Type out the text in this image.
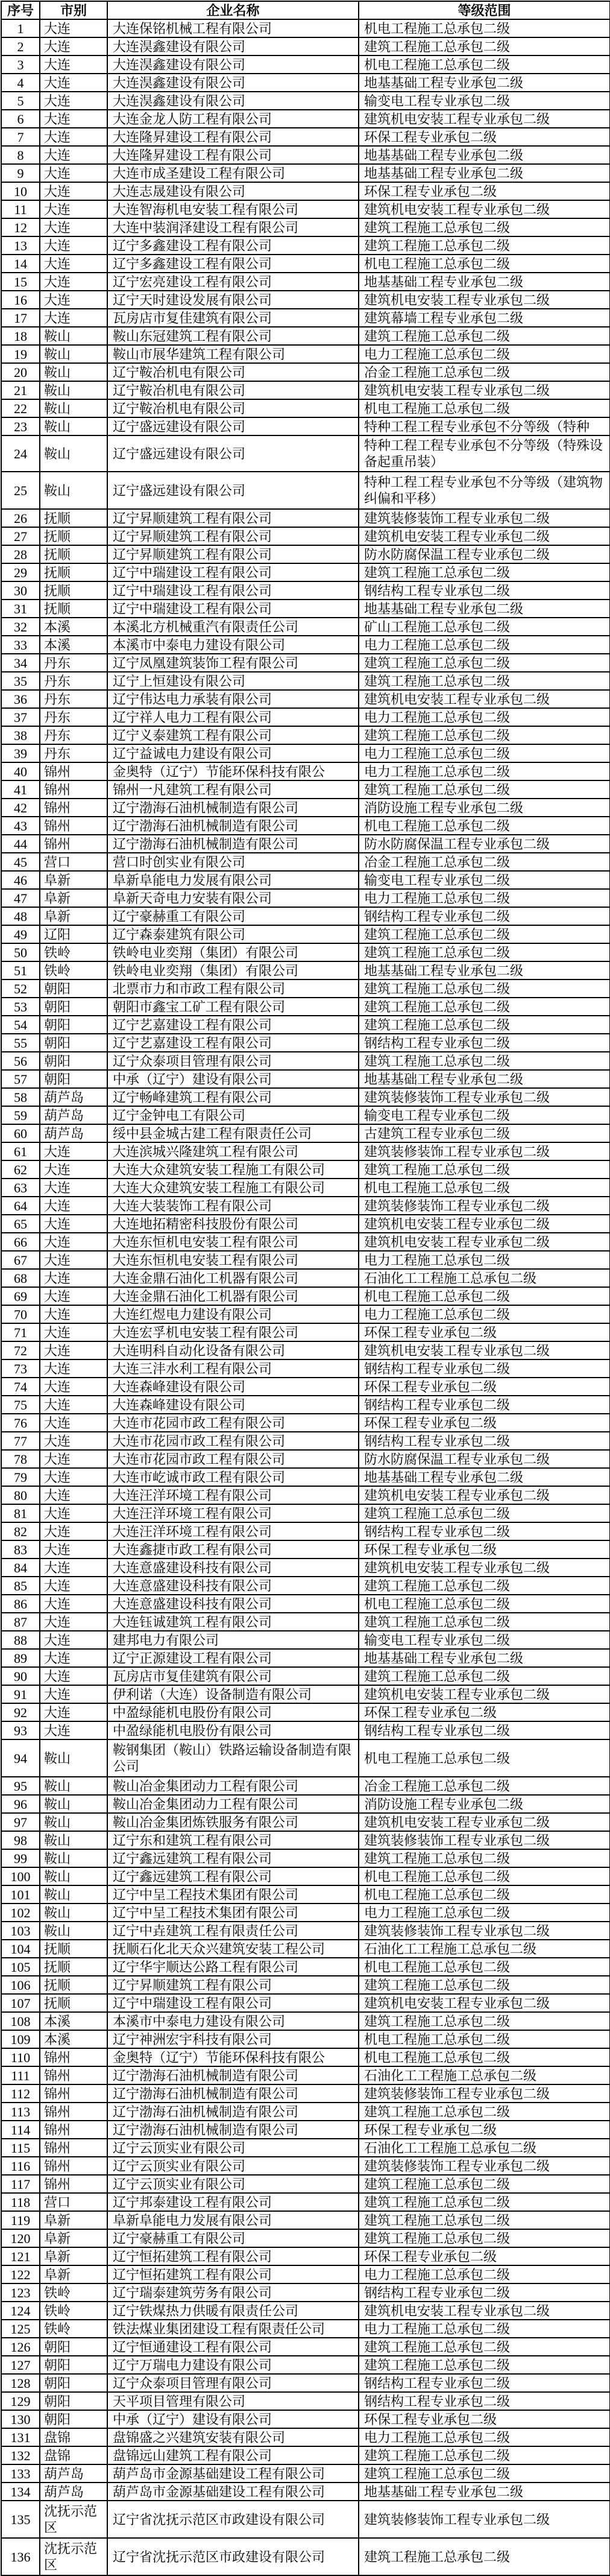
序号	市别	企业名称	等级范围
1	大连	大连保铭机械工程有限公司	机电工程施工总承包二级
2	大连	大连淏鑫建设有限公司	建筑工程施工总承包二级
3	大连	大连淏鑫建设有限公司	机电工程施工总承包二级
4	大连	大连淏鑫建设有限公司	地基基础工程专业承包二级
5	大连	大连淏鑫建设有限公司	输变电工程专业承包二级
6	大连	大连金龙人防工程有限公司	建筑机电安装工程专业承包二级
7	大连	大连隆昇建设工程有限公司	环保工程专业承包二级
8	大连	大连隆昇建设工程有限公司	地基基础工程专业承包二级
9	大连	大连市成圣建设工程有限公司	地基基础工程专业承包二级
10	大连	大连志晟建设有限公司	环保工程专业承包二级
11	大连	大连智海机电安装工程有限公司	建筑机电安装工程专业承包二级
12	大连	大连中装润泽建设工程有限公司	建筑工程施工总承包二级
13	大连	辽宁多鑫建设工程有限公司	建筑工程施工总承包二级
14	大连	辽宁多鑫建设工程有限公司	机电工程施工总承包二级
15	大连	辽宁宏亮建设工程有限公司	地基基础工程专业承包二级
16	大连	辽宁天时建设发展有限公司	建筑机电安装工程专业承包二级
17	大连	瓦房店市复佳建筑有限公司	建筑幕墙工程专业承包二级
18	鞍山	鞍山东冠建筑工程有限公司	建筑工程施工总承包二级
19	鞍山	鞍山市展华建筑工程有限公司	电力工程施工总承包二级
20	鞍山	辽宁鞍冶机电有限公司	冶金工程施工总承包二级
21	鞍山	辽宁鞍冶机电有限公司	建筑机电安装工程专业承包二级
22	鞍山	辽宁鞍冶机电有限公司	机电工程施工总承包二级
23	鞍山	辽宁盛远建设有限公司	特种工程工程专业承包不分等级（特种
24	鞍山	辽宁盛远建设有限公司	特种工程工程专业承包不分等级（特殊设备起重吊装）
25	鞍山	辽宁盛远建设有限公司	特种工程工程专业承包不分等级（建筑物纠偏和平移）
26	抚顺	辽宁昇顺建筑工程有限公司	建筑装修装饰工程专业承包二级
27	抚顺	辽宁昇顺建筑工程有限公司	建筑机电安装工程专业承包二级
28	抚顺	辽宁昇顺建筑工程有限公司	防水防腐保温工程专业承包二级
29	抚顺	辽宁中瑞建设工程有限公司	建筑工程施工总承包二级
30	抚顺	辽宁中瑞建设工程有限公司	钢结构工程专业承包二级
31	抚顺	辽宁中瑞建设工程有限公司	地基基础工程专业承包二级
32	本溪	本溪北方机械重汽有限责任公司	矿山工程施工总承包二级
33	本溪	本溪市中泰电力建设有限公司	电力工程施工总承包二级
34	丹东	辽宁凤凰建筑装饰工程有限公司	建筑工程施工总承包二级
35	丹东	辽宁上恒建设有限公司	建筑工程施工总承包二级
36	丹东	辽宁伟达电力承装有限公司	建筑机电安装工程专业承包二级
37	丹东	辽宁祥人电力工程有限公司	电力工程施工总承包二级
38	丹东	辽宁义泰建筑工程有限公司	建筑工程施工总承包二级
39	丹东	辽宁益诚电力建设有限公司	电力工程施工总承包二级
40	锦州	金奥特（辽宁）节能环保科技有限公	电力工程施工总承包二级
41	锦州	锦州一凡建筑工程有限公司	建筑工程施工总承包二级
42	锦州	辽宁渤海石油机械制造有限公司	消防设施工程专业承包二级
43	锦州	辽宁渤海石油机械制造有限公司	机电工程施工总承包二级
44	锦州	辽宁渤海石油机械制造有限公司	防水防腐保温工程专业承包二级
45	营口	营口时创实业有限公司	冶金工程施工总承包二级
46	阜新	阜新阜能电力发展有限公司	输变电工程专业承包二级
47	阜新	阜新天奇电力安装有限公司	电力工程施工总承包二级
48	阜新	辽宁豪赫重工有限公司	钢结构工程专业承包二级
49	辽阳	辽宁森泰建筑有限公司	建筑工程施工总承包二级
50	铁岭	铁岭电业奕翔（集团）有限公司	建筑工程施工总承包二级
51	铁岭	铁岭电业奕翔（集团）有限公司	地基基础工程专业承包二级
52	朝阳	北票市力和市政工程有限公司	建筑工程施工总承包二级
53	朝阳	朝阳市鑫宝工矿工程有限公司	建筑工程施工总承包二级
54	朝阳	辽宁艺嘉建设工程有限公司	建筑工程施工总承包二级
55	朝阳	辽宁艺嘉建设工程有限公司	钢结构工程专业承包二级
56	朝阳	辽宁众泰项目管理有限公司	建筑工程施工总承包二级
57	朝阳	中承（辽宁）建设有限公司	地基基础工程专业承包二级
58	葫芦岛	辽宁畅峰建筑工程有限公司	建筑装修装饰工程专业承包二级
59	葫芦岛	辽宁金钟电工有限公司	输变电工程专业承包二级
60	葫芦岛	绥中县金城古建工程有限责任公司	古建筑工程专业承包二级
61	大连	大连滨城兴隆建筑工程有限公司	建筑装修装饰工程专业承包二级
62	大连	大连大众建筑安装工程施工有限公司	建筑工程施工总承包二级
63	大连	大连大众建筑安装工程施工有限公司	机电工程施工总承包二级
64	大连	大连大装装饰工程有限公司	建筑装修装饰工程专业承包二级
65	大连	大连地拓精密科技股份有限公司	建筑机电安装工程专业承包二级
66	大连	大连东恒机电安装工程有限公司	建筑机电安装工程专业承包二级
67	大连	大连东恒机电安装工程有限公司	电力工程施工总承包二级
68	大连	大连金鼎石油化工机器有限公司	石油化工工程施工总承包二级
69	大连	大连金鼎石油化工机器有限公司	机电工程施工总承包二级
70	大连	大连红煜电力建设有限公司	电力工程施工总承包二级
71	大连	大连宏孚机电安装工程有限公司	环保工程专业承包二级
72	大连	大连明科自动化设备有限公司	建筑机电安装工程专业承包二级
73	大连	大连三沣水利工程有限公司	钢结构工程专业承包二级
74	大连	大连森峰建设有限公司	环保工程专业承包二级
75	大连	大连森峰建设有限公司	钢结构工程专业承包二级
76	大连	大连市花园市政工程有限公司	环保工程专业承包二级
77	大连	大连市花园市政工程有限公司	钢结构工程专业承包二级
78	大连	大连市花园市政工程有限公司	防水防腐保温工程专业承包二级
79	大连	大连市屹诚市政工程有限公司	地基基础工程专业承包二级
80	大连	大连汪洋环境工程有限公司	建筑机电安装工程专业承包二级
81	大连	大连汪洋环境工程有限公司	建筑工程施工总承包二级
82	大连	大连汪洋环境工程有限公司	钢结构工程专业承包二级
83	大连	大连鑫捷市政工程有限公司	环保工程专业承包二级
84	大连	大连意盛建设科技有限公司	建筑机电安装工程专业承包二级
85	大连	大连意盛建设科技有限公司	建筑工程施工总承包二级
86	大连	大连意盛建设科技有限公司	机电工程施工总承包二级
87	大连	大连钰诚建筑工程有限公司	建筑工程施工总承包二级
88	大连	建邦电力有限公司	输变电工程专业承包二级
89	大连	辽宁正源建设工程有限公司	地基基础工程专业承包二级
90	大连	瓦房店市复佳建筑有限公司	建筑工程施工总承包二级
91	大连	伊利诺（大连）设备制造有限公司	建筑机电安装工程专业承包二级
92	大连	中盈绿能机电股份有限公司	环保工程专业承包二级
93	大连	中盈绿能机电股份有限公司	钢结构工程专业承包二级
94	鞍山	鞍钢集团（鞍山）铁路运输设备制造有限公司	机电工程施工总承包二级
95	鞍山	鞍山冶金集团动力工程有限公司	冶金工程施工总承包二级
96	鞍山	鞍山冶金集团动力工程有限公司	消防设施工程专业承包二级
97	鞍山	鞍山冶金集团炼铁服务有限公司	建筑机电安装工程专业承包二级
98	鞍山	辽宁东和建筑工程有限公司	建筑装修装饰工程专业承包二级
99	鞍山	辽宁鑫远建筑工程有限公司	建筑工程施工总承包二级
100	鞍山	辽宁鑫远建筑工程有限公司	机电工程施工总承包二级
101	鞍山	辽宁中呈工程技术集团有限公司	机电工程施工总承包二级
102	鞍山	辽宁中呈工程技术集团有限公司	电力工程施工总承包二级
103	鞍山	辽宁中垚建筑工程有限责任公司	建筑装修装饰工程专业承包二级
104	抚顺	抚顺石化北天众兴建筑安装工程公司	石油化工工程施工总承包二级
105	抚顺	辽宁华宇顺达公路工程有限公司	机电工程施工总承包二级
106	抚顺	辽宁昇顺建筑工程有限公司	建筑工程施工总承包二级
107	抚顺	辽宁中瑞建设工程有限公司	建筑机电安装工程专业承包二级
108	本溪	本溪市中泰电力建设有限公司	建筑工程施工总承包二级
109	本溪	辽宁神洲宏宇科技有限公司	机电工程施工总承包二级
110	锦州	金奥特（辽宁）节能环保科技有限公	机电工程施工总承包二级
111	锦州	辽宁渤海石油机械制造有限公司	石油化工工程施工总承包二级
112	锦州	辽宁渤海石油机械制造有限公司	建筑装修装饰工程专业承包二级
113	锦州	辽宁渤海石油机械制造有限公司	建筑工程施工总承包二级
114	锦州	辽宁渤海石油机械制造有限公司	环保工程专业承包二级
115	锦州	辽宁云顶实业有限公司	石油化工工程施工总承包二级
116	锦州	辽宁云顶实业有限公司	建筑装修装饰工程专业承包二级
117	锦州	辽宁云顶实业有限公司	建筑工程施工总承包二级
118	营口	辽宁邦泰建设工程有限公司	建筑工程施工总承包二级
119	阜新	阜新阜能电力发展有限公司	建筑工程施工总承包二级
120	阜新	辽宁豪赫重工有限公司	建筑工程施工总承包二级
121	阜新	辽宁恒拓建筑工程有限公司	环保工程专业承包二级
122	阜新	辽宁恒拓建筑工程有限公司	电力工程施工总承包二级
123	铁岭	辽宁瑞泰建筑劳务有限公司	钢结构工程专业承包二级
124	铁岭	辽宁铁煤热力供暖有限责任公司	建筑机电安装工程专业承包二级
125	铁岭	铁法煤业集团建设工程有限责任公司	电力工程施工总承包二级
126	朝阳	辽宁恒通建设工程有限公司	建筑工程施工总承包二级
127	朝阳	辽宁万瑞电力建设有限公司	建筑工程施工总承包二级
128	朝阳	辽宁众泰项目管理有限公司	钢结构工程专业承包二级
129	朝阳	天平项目管理有限公司	钢结构工程专业承包二级
130	朝阳	中承（辽宁）建设有限公司	环保工程专业承包二级
131	盘锦	盘锦盛之兴建筑安装有限公司	电力工程施工总承包二级
132	盘锦	盘锦远山建筑工程有限公司	建筑工程施工总承包二级
133	葫芦岛	葫芦岛市金源基础建设工程有限公司	建筑工程施工总承包二级
134	葫芦岛	葫芦岛市金源基础建设工程有限公司	地基基础工程专业承包二级
135	沈抚示范区	辽宁省沈抚示范区市政建设有限公司	建筑装修装饰工程专业承包二级
136	沈抚示范区	辽宁省沈抚示范区市政建设有限公司	建筑工程施工总承包二级
